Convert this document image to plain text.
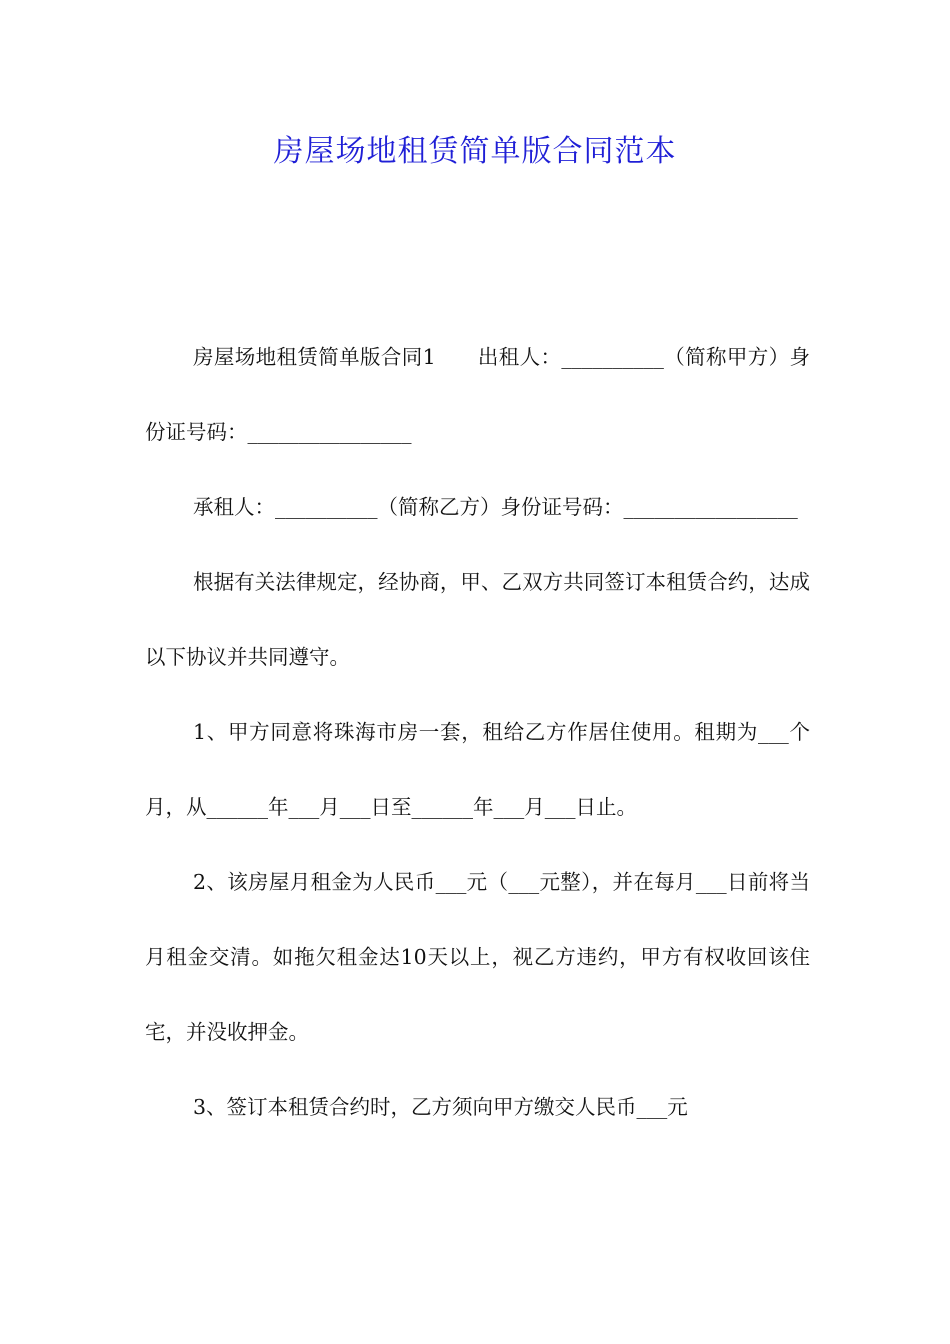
房屋场地租赁简单版合同范本

房屋场地租赁简单版合同1　　出租人：__________（简称甲方）身份证号码：________________

承租人：__________（简称乙方）身份证号码：_________________

根据有关法律规定，经协商，甲、乙双方共同签订本租赁合约，达成以下协议并共同遵守。

1、甲方同意将珠海市房一套，租给乙方作居住使用。租期为___个月，从______年___月___日至______年___月___日止。

2、该房屋月租金为人民币___元（___元整），并在每月___日前将当月租金交清。如拖欠租金达10天以上，视乙方违约，甲方有权收回该住宅，并没收押金。

3、签订本租赁合约时，乙方须向甲方缴交人民币___元
